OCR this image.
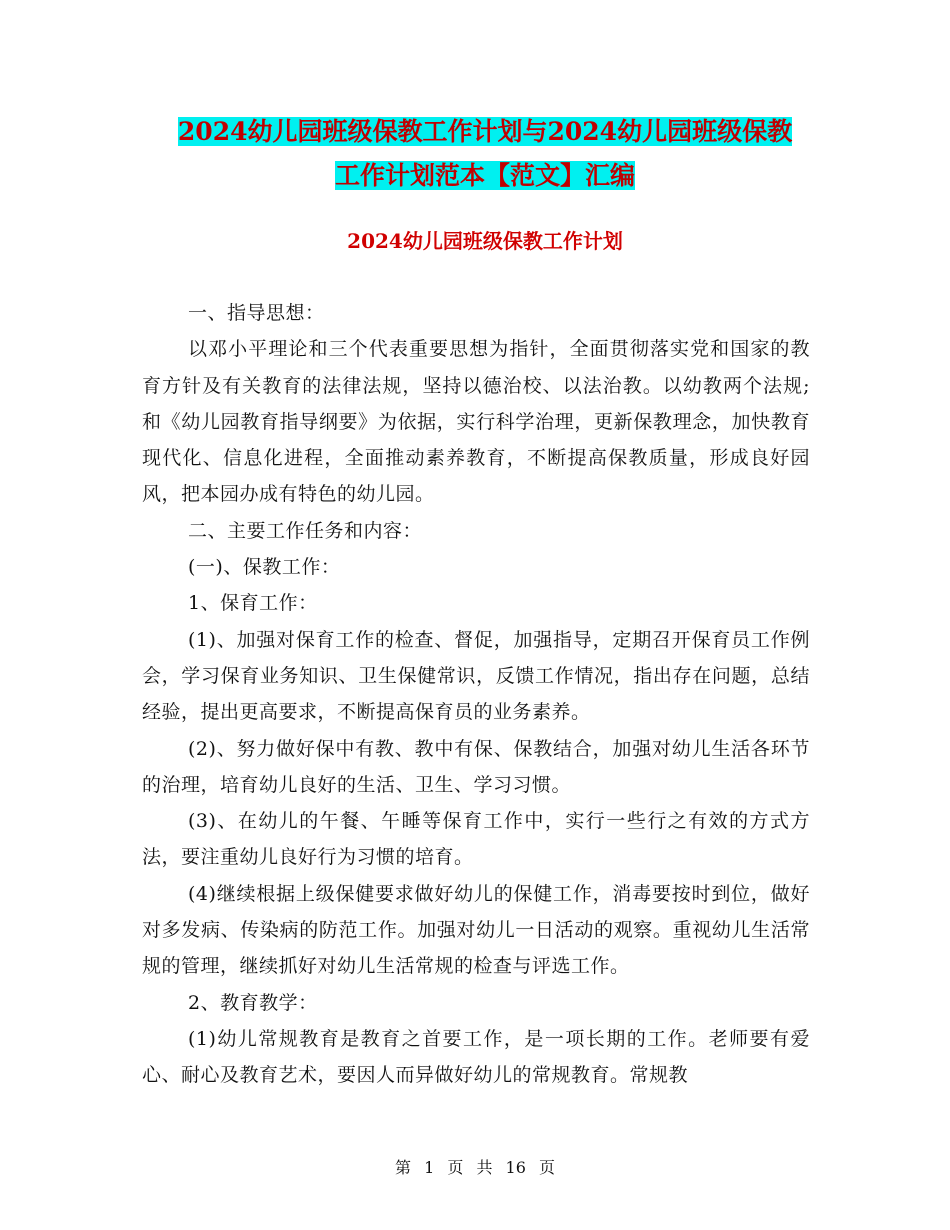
2024幼儿园班级保教工作计划与2024幼儿园班级保教
工作计划范本【范文】汇编
2024幼儿园班级保教工作计划

一、指导思想：

以邓小平理论和三个代表重要思想为指针，全面贯彻落实党和国家的教育方针及有关教育的法律法规，坚持以德治校、以法治教。以幼教两个法规;和《幼儿园教育指导纲要》为依据，实行科学治理，更新保教理念，加快教育现代化、信息化进程，全面推动素养教育，不断提高保教质量，形成良好园风，把本园办成有特色的幼儿园。

二、主要工作任务和内容：

(一)、保教工作：

1、保育工作：

(1)、加强对保育工作的检查、督促，加强指导，定期召开保育员工作例会，学习保育业务知识、卫生保健常识，反馈工作情况，指出存在问题，总结经验，提出更高要求，不断提高保育员的业务素养。

(2)、努力做好保中有教、教中有保、保教结合，加强对幼儿生活各环节的治理，培育幼儿良好的生活、卫生、学习习惯。

(3)、在幼儿的午餐、午睡等保育工作中，实行一些行之有效的方式方法，要注重幼儿良好行为习惯的培育。

(4)继续根据上级保健要求做好幼儿的保健工作，消毒要按时到位，做好对多发病、传染病的防范工作。加强对幼儿一日活动的观察。重视幼儿生活常规的管理，继续抓好对幼儿生活常规的检查与评选工作。

2、教育教学：

(1)幼儿常规教育是教育之首要工作，是一项长期的工作。老师要有爱心、耐心及教育艺术，要因人而异做好幼儿的常规教育。常规教

第 1 页 共 16 页
